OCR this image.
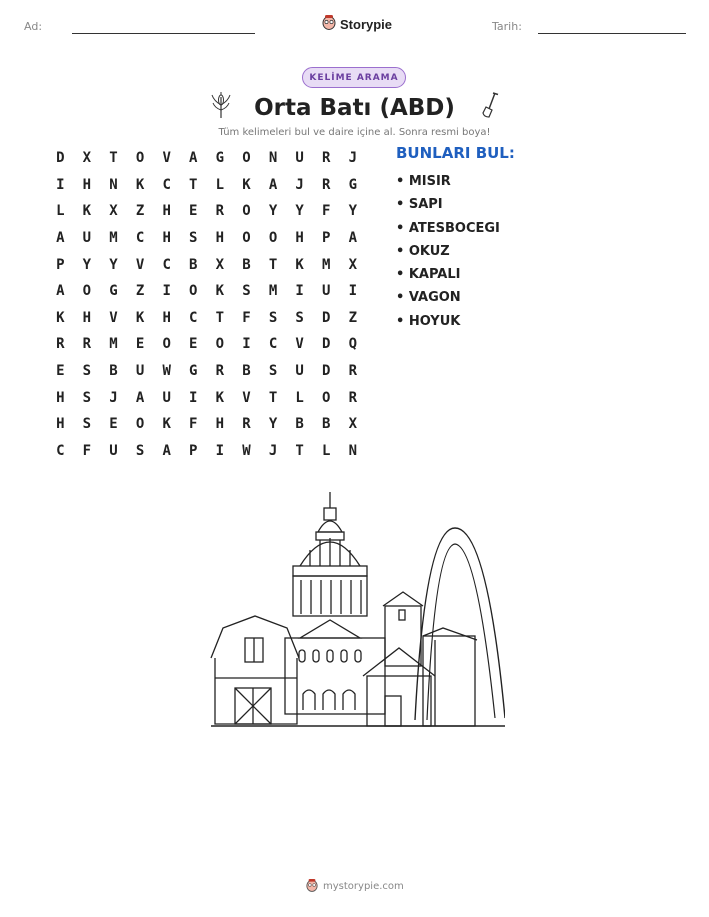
Ad:	Storypie	Tarih:
KELİME ARAMA
Orta Batı (ABD)
Tüm kelimeleri bul ve daire içine al. Sonra resmi boya!
D	X	T	O	V	A	G	O	N	U	R	J
I	H	N	K	C	T	L	K	A	J	R	G
L	K	X	Z	H	E	R	O	Y	Y	F	Y
A	U	M	C	H	S	H	O	O	H	P	A
P	Y	Y	V	C	B	X	B	T	K	M	X
A	O	G	Z	I	O	K	S	M	I	U	I
K	H	V	K	H	C	T	F	S	S	D	Z
R	R	M	E	O	E	O	I	C	V	D	Q
E	S	B	U	W	G	R	B	S	U	D	R
H	S	J	A	U	I	K	V	T	L	O	R
H	S	E	O	K	F	H	R	Y	B	B	X
C	F	U	S	A	P	I	W	J	T	L	N
BUNLARI BUL:
• MISIR
• SAPI
• ATESBOCEGI
• OKUZ
• KAPALI
• VAGON
• HOYUK
mystorypie.com
